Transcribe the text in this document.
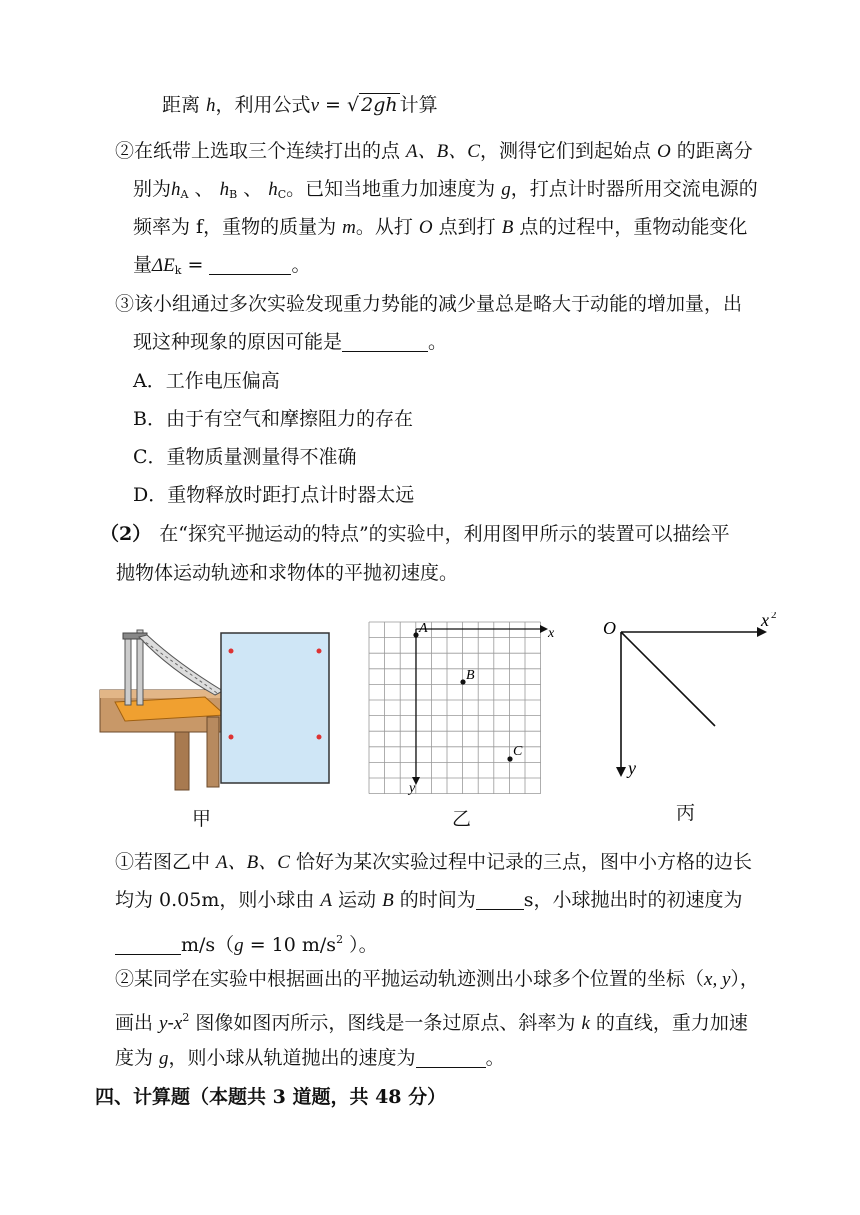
距离 h，利用公式v = √ 2gh 计算
②在纸带上选取三个连续打出的点 A、B、C，测得它们到起始点 O 的距离分
别为$h_A$ 、 $h_B$ 、 $h_C$。已知当地重力加速度为 g，打点计时器所用交流电源的
频率为 f，重物的质量为 m。从打 O 点到打 B 点的过程中，重物动能变化
量$\Delta E_k$ =	。
③该小组通过多次实验发现重力势能的减少量总是略大于动能的增加量，出
现这种现象的原因可能是	。
A．工作电压偏高
B．由于有空气和摩擦阻力的存在
C．重物质量测量得不准确
D．重物释放时距打点计时器太远
（2） 在“探究平抛运动的特点”的实验中，利用图甲所示的装置可以描绘平
抛物体运动轨迹和求物体的平抛初速度。
甲
A
B
C
x
y
乙
O	x 2
y
丙
①若图乙中 A、B、C 恰好为某次实验过程中记录的三点，图中小方格的边长
均为 0.05m，则小球由 A 运动 B 的时间为	s，小球抛出时的初速度为
m/s（g = 10 $m/s^2$ ）。
②某同学在实验中根据画出的平抛运动轨迹测出小球多个位置的坐标（x, y），
画出 $y-x^2$ 图像如图丙所示，图线是一条过原点、斜率为 k 的直线，重力加速
度为 g，则小球从轨道抛出的速度为	。
四、计算题（本题共 3 道题，共 48 分）
